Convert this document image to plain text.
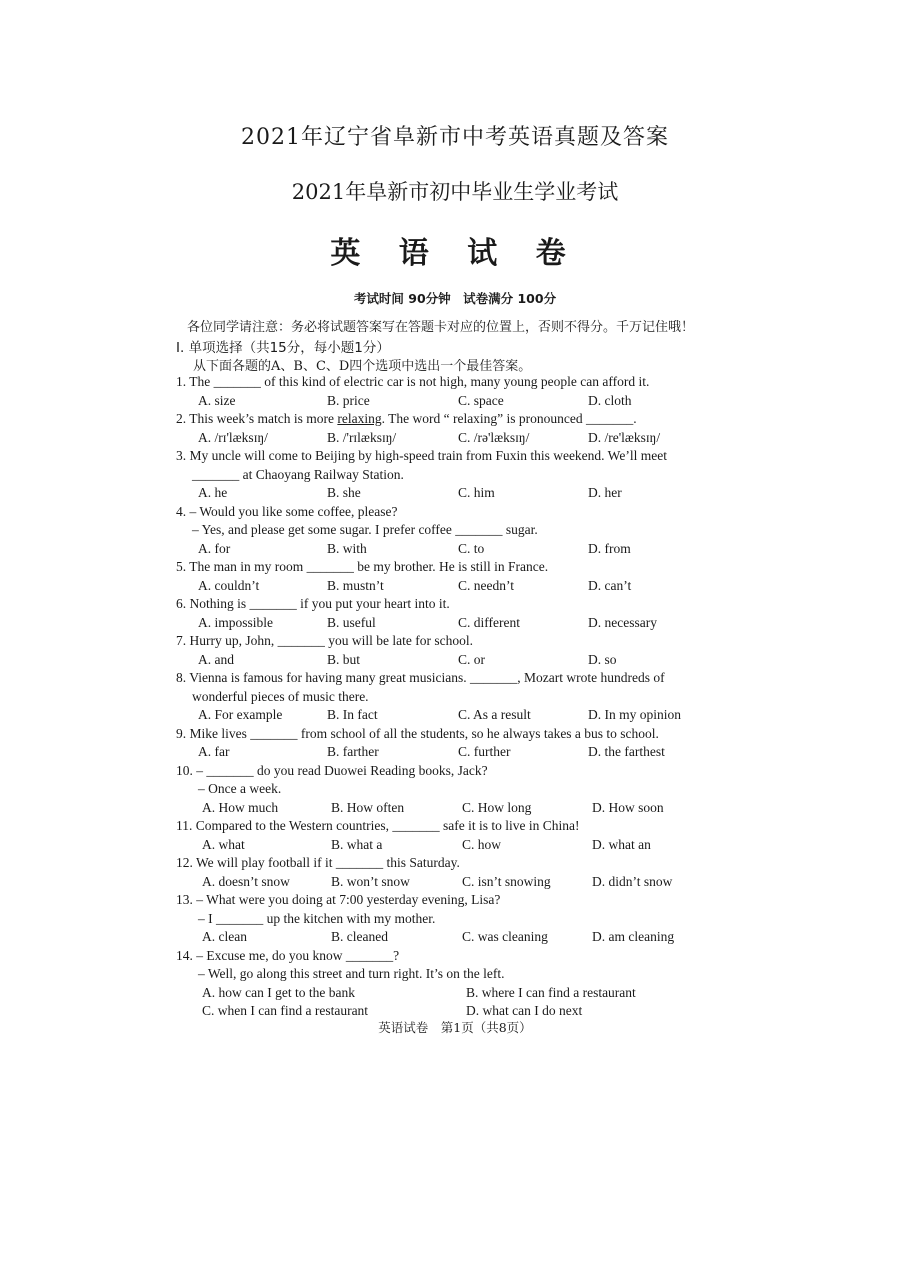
2021年辽宁省阜新市中考英语真题及答案
2021年阜新市初中毕业生学业考试
英 语 试 卷
考试时间 90分钟　试卷满分 100分
各位同学请注意：务必将试题答案写在答题卡对应的位置上，否则不得分。千万记住哦！
I. 单项选择（共15分，每小题1分）
从下面各题的A、B、C、D四个选项中选出一个最佳答案。
1. The _______ of this kind of electric car is not high, many young people can afford it.
A. size	B. price	C. space	D. cloth
2. This week’s match is more relaxing. The word “ relaxing” is pronounced _______.
A. /rɪ'læksɪŋ/	B. /'rɪlæksɪŋ/	C. /rə'læksɪŋ/	D. /re'læksɪŋ/
3. My uncle will come to Beijing by high-speed train from Fuxin this weekend. We’ll meet
_______ at Chaoyang Railway Station.
A. he	B. she	C. him	D. her
4. – Would you like some coffee, please?
– Yes, and please get some sugar. I prefer coffee _______ sugar.
A. for	B. with	C. to	D. from
5. The man in my room _______ be my brother. He is still in France.
A. couldn’t	B. mustn’t	C. needn’t	D. can’t
6. Nothing is _______ if you put your heart into it.
A. impossible	B. useful	C. different	D. necessary
7. Hurry up, John, _______ you will be late for school.
A. and	B. but	C. or	D. so
8. Vienna is famous for having many great musicians. _______, Mozart wrote hundreds of
wonderful pieces of music there.
A. For example	B. In fact	C. As a result	D. In my opinion
9. Mike lives _______ from school of all the students, so he always takes a bus to school.
A. far	B. farther	C. further	D. the farthest
10. – _______ do you read Duowei Reading books, Jack?
– Once a week.
A. How much	B. How often	C. How long	D. How soon
11. Compared to the Western countries, _______ safe it is to live in China!
A. what	B. what a	C. how	D. what an
12. We will play football if it _______ this Saturday.
A. doesn’t snow	B. won’t snow	C. isn’t snowing	D. didn’t snow
13. – What were you doing at 7:00 yesterday evening, Lisa?
– I _______ up the kitchen with my mother.
A. clean	B. cleaned	C. was cleaning	D. am cleaning
14. – Excuse me, do you know _______?
– Well, go along this street and turn right. It’s on the left.
A. how can I get to the bank	B. where I can find a restaurant
C. when I can find a restaurant	D. what can I do next
英语试卷　第1页（共8页）
